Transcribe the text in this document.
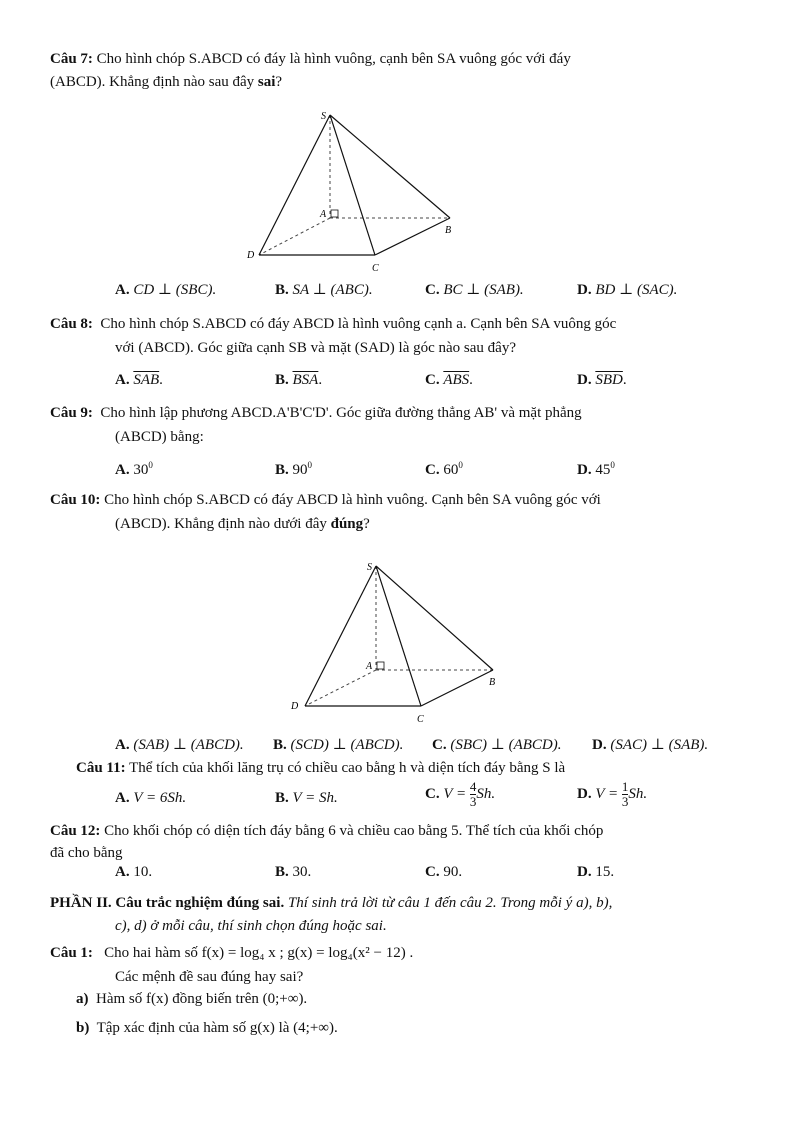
Câu 7: Cho hình chóp S.ABCD có đáy là hình vuông, cạnh bên SA vuông góc với đáy
(ABCD). Khẳng định nào sau đây sai?
S
A
B
C
D
A. CD ⊥ (SBC).	B. SA ⊥ (ABC).	C. BC ⊥ (SAB).	D. BD ⊥ (SAC).
Câu 8: Cho hình chóp S.ABCD có đáy ABCD là hình vuông cạnh a. Cạnh bên SA vuông góc
với (ABCD). Góc giữa cạnh SB và mặt (SAD) là góc nào sau đây?
A. $\overline{SAB}$.	B. $\overline{BSA}$.	C. $\overline{ABS}$.	D. $\overline{SBD}$.
Câu 9: Cho hình lập phương ABCD.A'B'C'D'. Góc giữa đường thẳng AB' và mặt phẳng
(ABCD) bằng:
A. $30^0$	B. $90^0$	C. $60^0$	D. $45^0$
Câu 10: Cho hình chóp S.ABCD có đáy ABCD là hình vuông. Cạnh bên SA vuông góc với
(ABCD). Khẳng định nào dưới đây đúng?
S
A
B
C
D
A. (SAB) ⊥ (ABCD). B. (SCD) ⊥ (ABCD). C. (SBC) ⊥ (ABCD). D. (SAC) ⊥ (SAB).
Câu 11: Thể tích của khối lăng trụ có chiều cao bằng h và diện tích đáy bằng S là
A. V = 6Sh.	B. V = Sh.	C. $V = \frac{4}{3} Sh$.	D. $V = \frac{1}{3} Sh$.
Câu 12: Cho khối chóp có diện tích đáy bằng 6 và chiều cao bằng 5. Thể tích của khối chóp
đã cho bằng
A. 10.	B. 30.	C. 90.	D. 15.
PHẦN II. Câu trắc nghiệm đúng sai. Thí sinh trả lời từ câu 1 đến câu 2. Trong mỗi ý a), b),
c), d) ở mỗi câu, thí sinh chọn đúng hoặc sai.
Câu 1: Cho hai hàm số f(x) = log₄ x ; g(x) = log₄(x² − 12) .
Các mệnh đề sau đúng hay sai?
a) Hàm số f(x) đồng biến trên (0;+∞).
b) Tập xác định của hàm số g(x) là (4;+∞).
